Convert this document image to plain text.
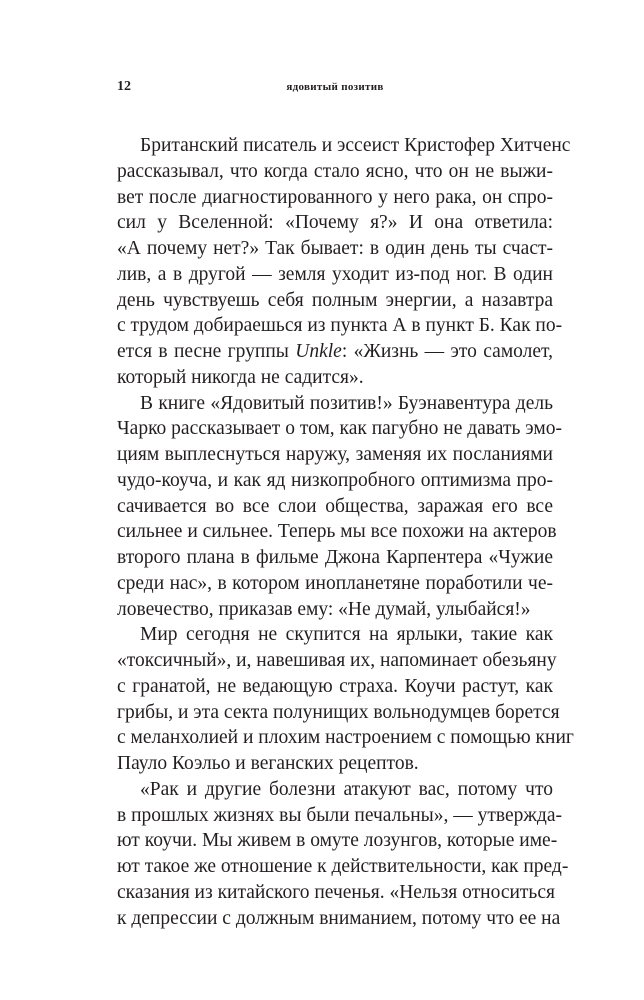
12	ядовитый позитив
Британский писатель и эссеист Кристофер Хитченс
рассказывал, что когда стало ясно, что он не выжи-
вет после диагностированного у него рака, он спро-
сил у Вселенной: «Почему я?» И она ответила:
«А почему нет?» Так бывает: в один день ты счаст-
лив, а в другой — земля уходит из-под ног. В один
день чувствуешь себя полным энергии, а назавтра
с трудом добираешься из пункта А в пункт Б. Как по-
ется в песне группы Unkle: «Жизнь — это самолет,
который никогда не садится».
В книге «Ядовитый позитив!» Буэнавентура дель
Чарко рассказывает о том, как пагубно не давать эмо-
циям выплеснуться наружу, заменяя их посланиями
чудо-коуча, и как яд низкопробного оптимизма про-
сачивается во все слои общества, заражая его все
сильнее и сильнее. Теперь мы все похожи на актеров
второго плана в фильме Джона Карпентера «Чужие
среди нас», в котором инопланетяне поработили че-
ловечество, приказав ему: «Не думай, улыбайся!»
Мир сегодня не скупится на ярлыки, такие как
«токсичный», и, навешивая их, напоминает обезьяну
с гранатой, не ведающую страха. Коучи растут, как
грибы, и эта секта полунищих вольнодумцев борется
с меланхолией и плохим настроением с помощью книг
Пауло Коэльо и веганских рецептов.
«Рак и другие болезни атакуют вас, потому что
в прошлых жизнях вы были печальны», — утвержда-
ют коучи. Мы живем в омуте лозунгов, которые име-
ют такое же отношение к действительности, как пред-
сказания из китайского печенья. «Нельзя относиться
к депрессии с должным вниманием, потому что ее на
